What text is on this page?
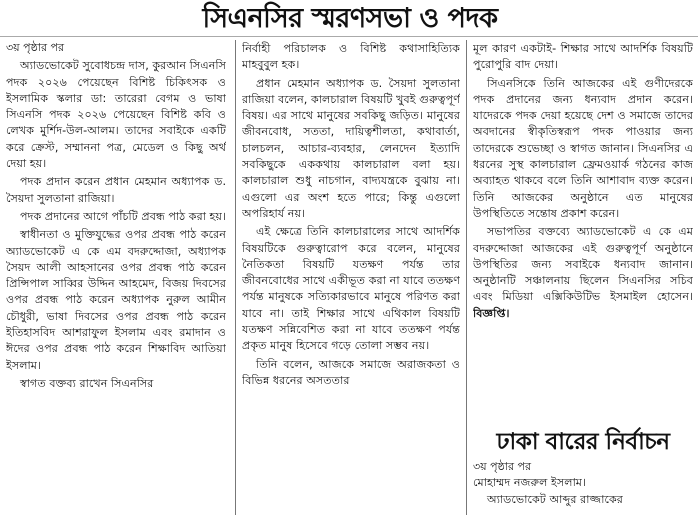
সিএনসির স্মরণসভা ও পদক

৩য় পৃষ্ঠার পর

অ্যাডভোকেট সুবোধচন্দ্র দাস, কুরআন সিএনসি পদক ২০২৬ পেয়েছেন বিশিষ্ট চিকিৎসক ও ইসলামিক স্কলার ডা: তারেরা বেগম ও ভাষা সিএনসি পদক ২০২৬ পেয়েছেন বিশিষ্ট কবি ও লেখক মুর্শিদ-উল-আলম। তাদের সবাইকে একটি করে ক্রেস্ট, সম্মাননা পত্র, মেডেল ও কিছু অর্থ দেয়া হয়।

পদক প্রদান করেন প্রধান মেহমান অধ্যাপক ড. সৈয়দা সুলতানা রাজিয়া।

পদক প্রদানের আগে পাঁচটি প্রবন্ধ পাঠ করা হয়।

স্বাধীনতা ও মুক্তিযুদ্ধের ওপর প্রবন্ধ পাঠ করেন অ্যাডভোকেট এ কে এম বদরুদ্দোজা, অধ্যাপক সৈয়দ আলী আহসানের ওপর প্রবন্ধ পাঠ করেন প্রিন্সিপাল সাব্বির উদ্দিন আহমেদ, বিজয় দিবসের ওপর প্রবন্ধ পাঠ করেন অধ্যাপক নুরুল আমীন চৌধুরী, ভাষা দিবসের ওপর প্রবন্ধ পাঠ করেন ইতিহাসবিদ আশরাফুল ইসলাম এবং রমাদান ও ঈদের ওপর প্রবন্ধ পাঠ করেন শিক্ষাবিদ আতিয়া ইসলাম।

স্বাগত বক্তব্য রাখেন সিএনসির

নির্বাহী পরিচালক ও বিশিষ্ট কথাসাহিত্যিক মাহবুবুল হক।

প্রধান মেহমান অধ্যাপক ড. সৈয়দা সুলতানা রাজিয়া বলেন, কালচারাল বিষয়টি খুবই গুরুত্বপূর্ণ বিষয়। এর সাথে মানুষের সবকিছু জড়িত। মানুষের জীবনবোধ, সততা, দায়িত্বশীলতা, কথাবার্তা, চালচলন, আচার-ব্যবহার, লেনদেন ইত্যাদি সবকিছুকে এককথায় কালচারাল বলা হয়। কালচারাল শুধু নাচগান, বাদ্যযন্ত্রকে বুঝায় না। এগুলো এর অংশ হতে পারে; কিন্তু এগুলো অপরিহার্য নয়।

এই ক্ষেত্রে তিনি কালচারালের সাথে আদর্শিক বিষয়টিকে গুরুত্বারোপ করে বলেন, মানুষের নৈতিকতা বিষয়টি যতক্ষণ পর্যন্ত তার জীবনবোধের সাথে একীভূত করা না যাবে ততক্ষণ পর্যন্ত মানুষকে সত্যিকারভাবে মানুষে পরিণত করা যাবে না। তাই শিক্ষার সাথে এথিকাল বিষয়টি যতক্ষণ সন্নিবেশিত করা না যাবে ততক্ষণ পর্যন্ত প্রকৃত মানুষ হিসেবে গড়ে তোলা সম্ভব নয়।

তিনি বলেন, আজকে সমাজে অরাজকতা ও বিভিন্ন ধরনের অসততার

মূল কারণ একটাই- শিক্ষার সাথে আদর্শিক বিষয়টি পুরোপুরি বাদ দেয়া।

সিএনসিকে তিনি আজকের এই গুণীদেরকে পদক প্রদানের জন্য ধন্যবাদ প্রদান করেন। যাদেরকে পদক দেয়া হয়েছে দেশ ও সমাজে তাদের অবদানের স্বীকৃতিস্বরূপ পদক পাওয়ার জন্য তাদেরকে শুভেচ্ছা ও স্বাগত জানান। সিএনসির এ ধরনের সুস্থ কালচারাল ফ্রেমওয়ার্ক গঠনের কাজ অব্যাহত থাকবে বলে তিনি আশাবাদ ব্যক্ত করেন। তিনি আজকের অনুষ্ঠানে এত মানুষের উপস্থিতিতে সন্তোষ প্রকাশ করেন।

সভাপতির বক্তব্যে অ্যাডভোকেট এ কে এম বদরুদ্দোজা আজকের এই গুরুত্বপূর্ণ অনুষ্ঠানে উপস্থিতির জন্য সবাইকে ধন্যবাদ জানান। অনুষ্ঠানটি সঞ্চালনায় ছিলেন সিএনসির সচিব এবং মিডিয়া এক্সিকিউটিভ ইসমাইল হোসেন। বিজ্ঞপ্তি।

ঢাকা বারের নির্বাচন

৩য় পৃষ্ঠার পর

মোহাম্মদ নজরুল ইসলাম।

অ্যাডভোকেট আব্দুর রাজ্জাকের
